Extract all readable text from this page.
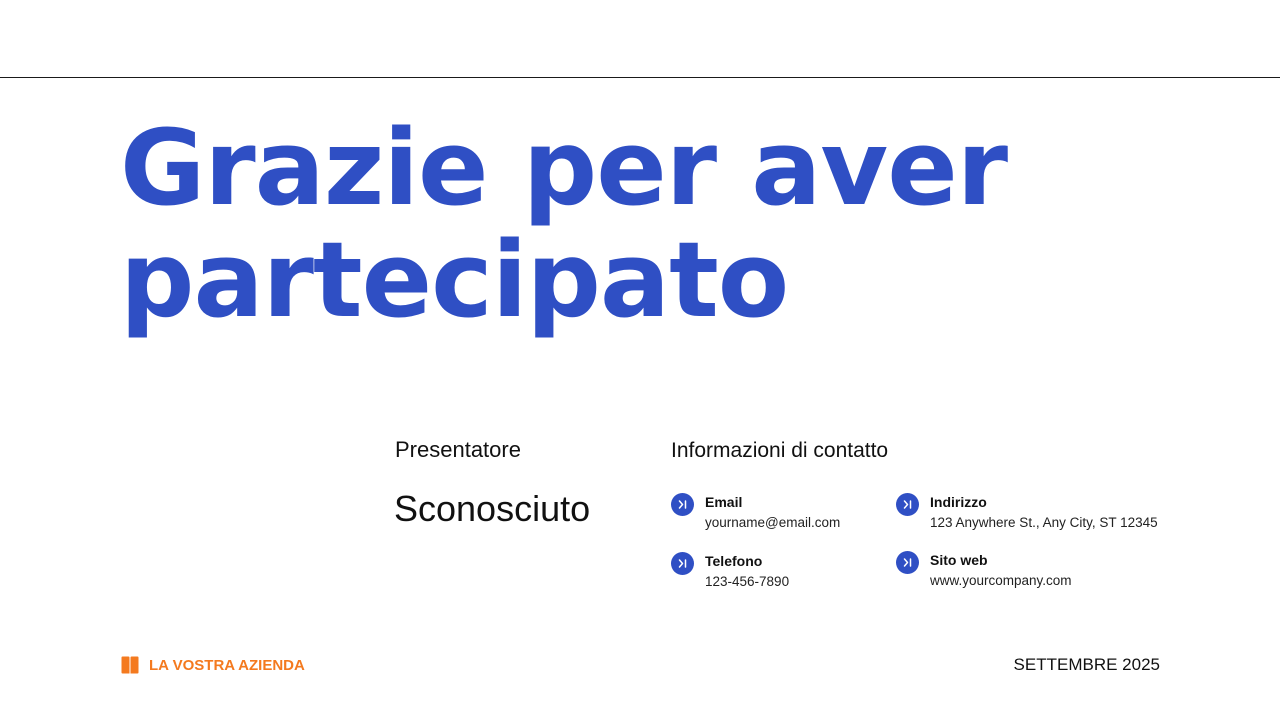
Grazie per aver
partecipato
Presentatore
Sconosciuto
Informazioni di contatto
Email
yourname@email.com
Telefono
123-456-7890
Indirizzo
123 Anywhere St., Any City, ST 12345
Sito web
www.yourcompany.com
LA VOSTRA AZIENDA	SETTEMBRE 2025
